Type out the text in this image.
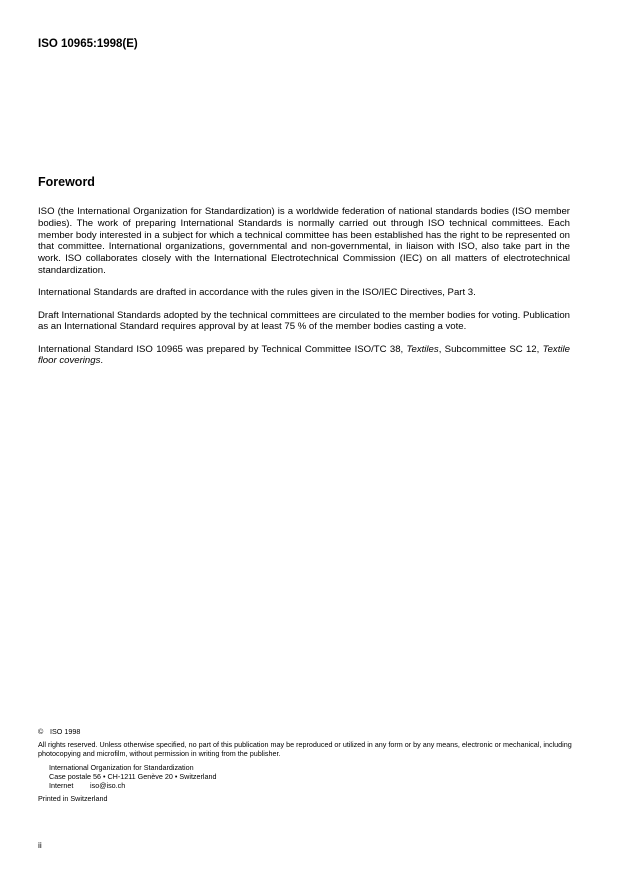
ISO 10965:1998(E)

Foreword

ISO (the International Organization for Standardization) is a worldwide federation of national standards bodies (ISO member bodies). The work of preparing International Standards is normally carried out through ISO technical committees. Each member body interested in a subject for which a technical committee has been established has the right to be represented on that committee. International organizations, governmental and non-governmental, in liaison with ISO, also take part in the work. ISO collaborates closely with the International Electrotechnical Commission (IEC) on all matters of electrotechnical standardization.

International Standards are drafted in accordance with the rules given in the ISO/IEC Directives, Part 3.

Draft International Standards adopted by the technical committees are circulated to the member bodies for voting. Publication as an International Standard requires approval by at least 75 % of the member bodies casting a vote.

International Standard ISO 10965 was prepared by Technical Committee ISO/TC 38, Textiles, Subcommittee SC 12, Textile floor coverings.

© ISO 1998

All rights reserved. Unless otherwise specified, no part of this publication may be reproduced or utilized in any form or by any means, electronic or mechanical, including photocopying and microfilm, without permission in writing from the publisher.

International Organization for Standardization
Case postale 56 • CH-1211 Genève 20 • Switzerland
Internet iso@iso.ch

Printed in Switzerland

ii
